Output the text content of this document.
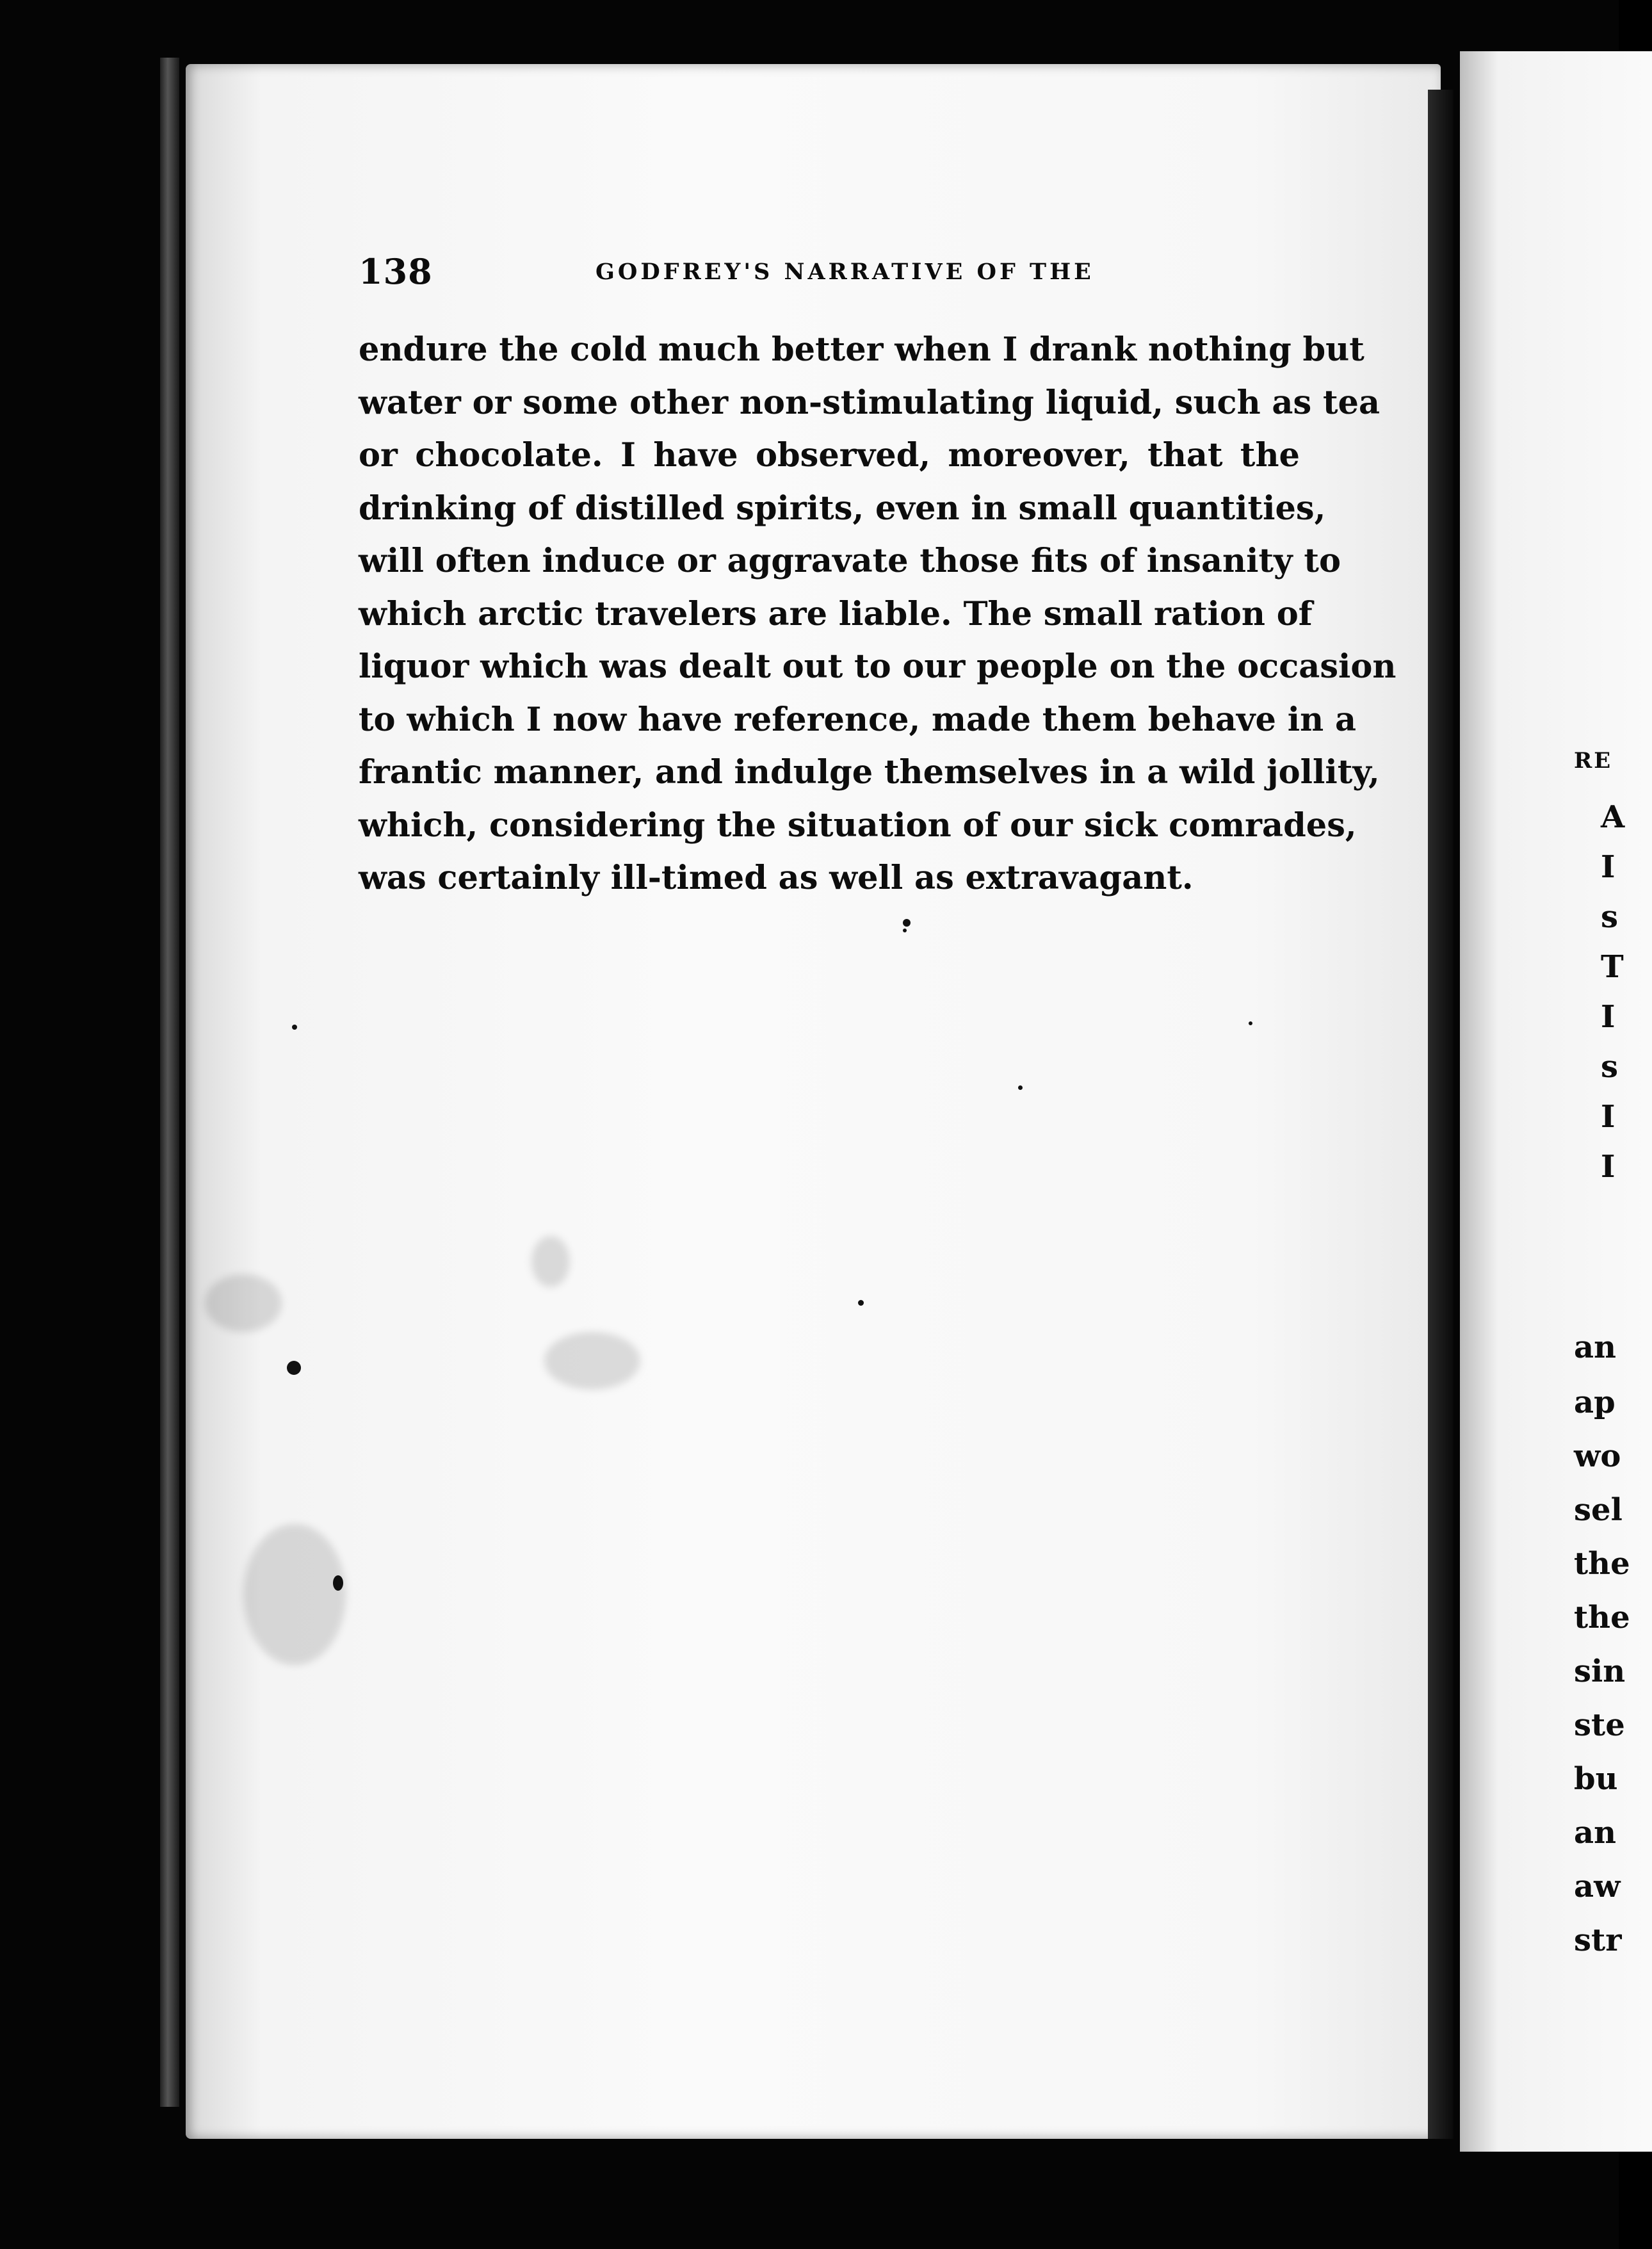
138	GODFREY'S NARRATIVE OF THE
endure the cold much better when I drank nothing but
water or some other non-stimulating liquid, such as tea
or chocolate. I have observed, moreover, that the
drinking of distilled spirits, even in small quantities,
will often induce or aggravate those fits of insanity to
which arctic travelers are liable. The small ration of
liquor which was dealt out to our people on the occasion
to which I now have reference, made them behave in a
frantic manner, and indulge themselves in a wild jollity,
which, considering the situation of our sick comrades,
was certainly ill-timed as well as extravagant.
RE
A
I
s
T
I
s
I
I
an
ap
wo
sel
the
the
sin
ste
bu
an
aw
str
